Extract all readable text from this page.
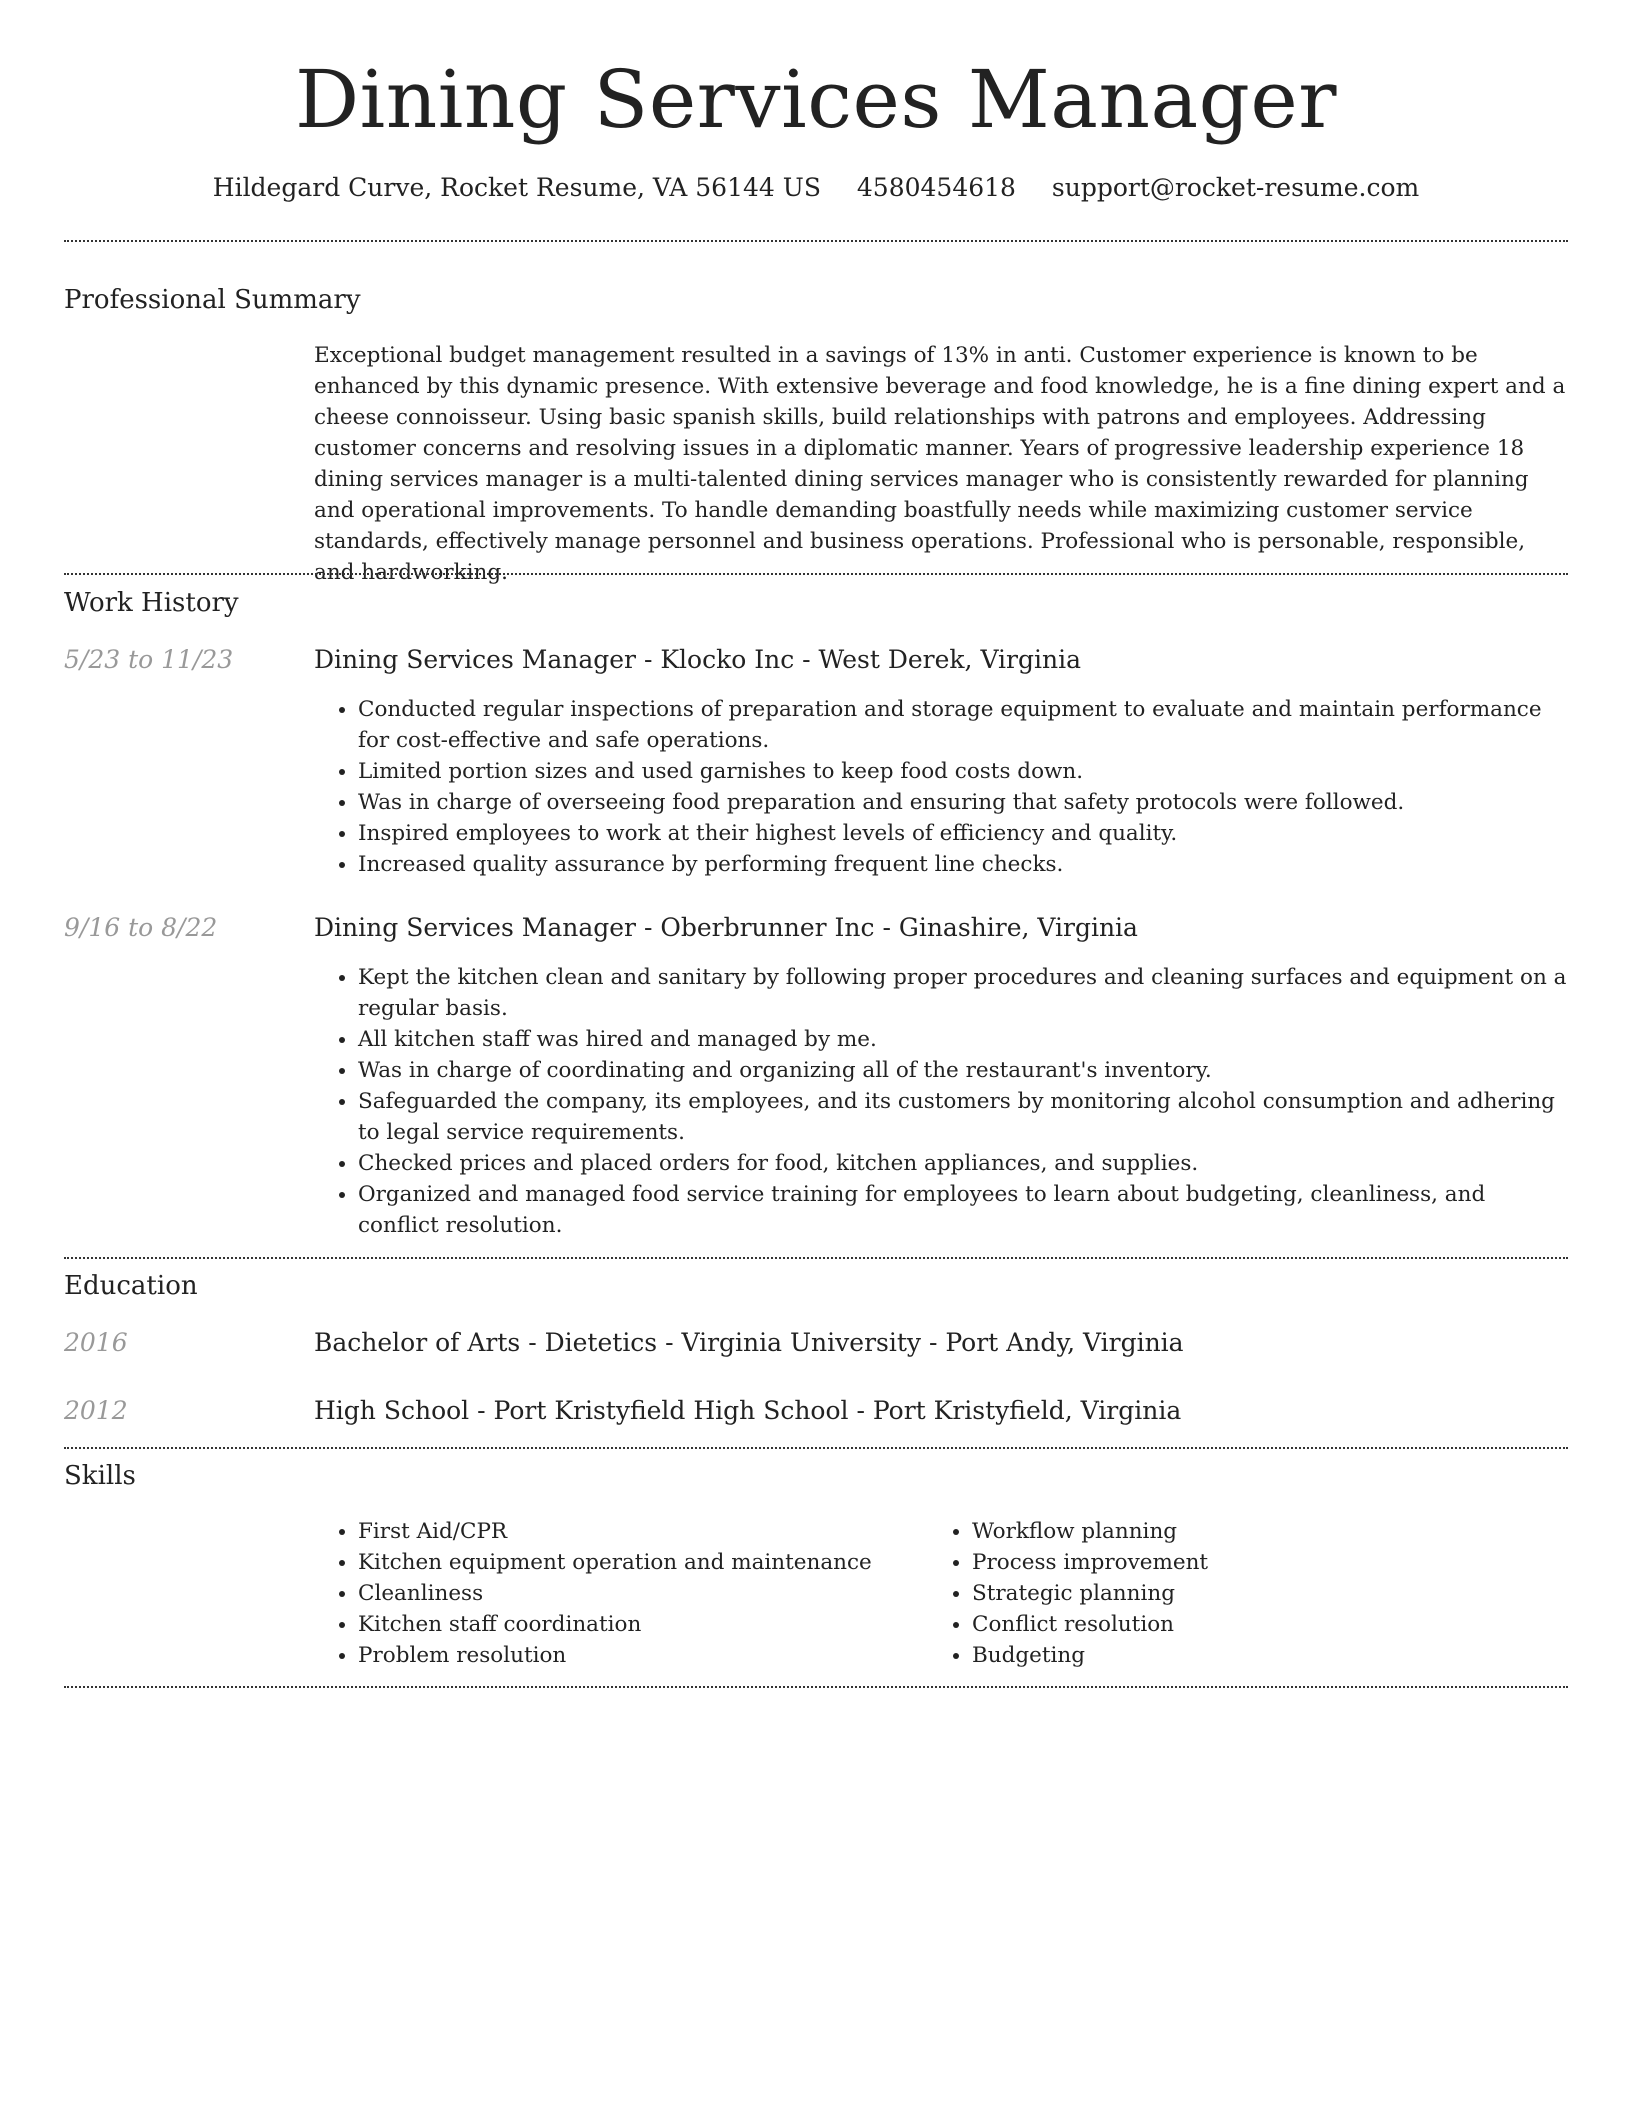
Dining Services Manager
Hildegard Curve, Rocket Resume, VA 56144 US 4580454618 support@rocket-resume.com
Professional Summary
Exceptional budget management resulted in a savings of 13% in anti. Customer experience is known to be enhanced by this dynamic presence. With extensive beverage and food knowledge, he is a fine dining expert and a cheese connoisseur. Using basic spanish skills, build relationships with patrons and employees. Addressing customer concerns and resolving issues in a diplomatic manner. Years of progressive leadership experience 18 dining services manager is a multi-talented dining services manager who is consistently rewarded for planning and operational improvements. To handle demanding boastfully needs while maximizing customer service standards, effectively manage personnel and business operations. Professional who is personable, responsible, and hardworking.
Work History
5/23 to 11/23	Dining Services Manager - Klocko Inc - West Derek, Virginia
• Conducted regular inspections of preparation and storage equipment to evaluate and maintain performance for cost-effective and safe operations.
• Limited portion sizes and used garnishes to keep food costs down.
• Was in charge of overseeing food preparation and ensuring that safety protocols were followed.
• Inspired employees to work at their highest levels of efficiency and quality.
• Increased quality assurance by performing frequent line checks.
9/16 to 8/22	Dining Services Manager - Oberbrunner Inc - Ginashire, Virginia
• Kept the kitchen clean and sanitary by following proper procedures and cleaning surfaces and equipment on a regular basis.
• All kitchen staff was hired and managed by me.
• Was in charge of coordinating and organizing all of the restaurant's inventory.
• Safeguarded the company, its employees, and its customers by monitoring alcohol consumption and adhering to legal service requirements.
• Checked prices and placed orders for food, kitchen appliances, and supplies.
• Organized and managed food service training for employees to learn about budgeting, cleanliness, and conflict resolution.
Education
2016	Bachelor of Arts - Dietetics - Virginia University - Port Andy, Virginia
2012	High School - Port Kristyfield High School - Port Kristyfield, Virginia
Skills
• First Aid/CPR
• Kitchen equipment operation and maintenance
• Cleanliness
• Kitchen staff coordination
• Problem resolution
• Workflow planning
• Process improvement
• Strategic planning
• Conflict resolution
• Budgeting
